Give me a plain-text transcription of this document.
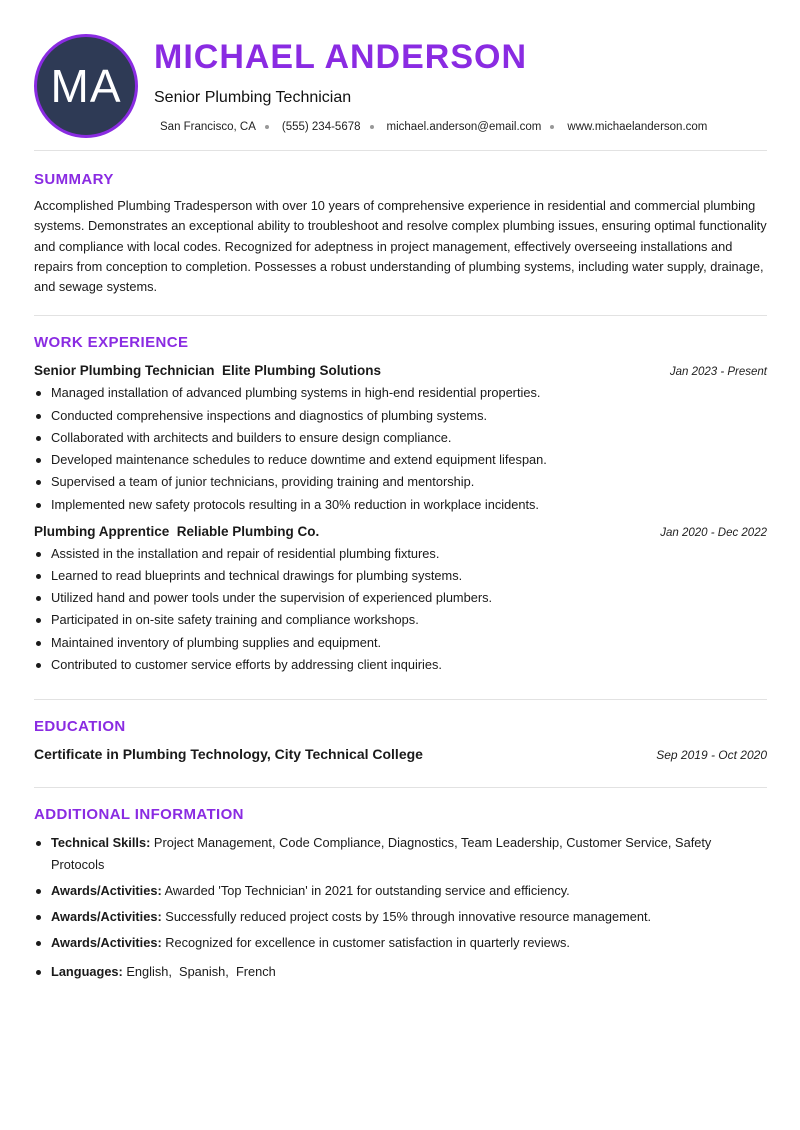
MA
MICHAEL ANDERSON
Senior Plumbing Technician
San Francisco, CA (555) 234-5678 michael.anderson@email.com www.michaelanderson.com
SUMMARY

Accomplished Plumbing Tradesperson with over 10 years of comprehensive experience in residential and commercial plumbing systems. Demonstrates an exceptional ability to troubleshoot and resolve complex plumbing issues, ensuring optimal functionality and compliance with local codes. Recognized for adeptness in project management, effectively overseeing installations and repairs from conception to completion. Possesses a robust understanding of plumbing systems, including water supply, drainage, and sewage systems.

WORK EXPERIENCE
Senior Plumbing Technician  Elite Plumbing Solutions	Jan 2023 - Present
Managed installation of advanced plumbing systems in high-end residential properties.
Conducted comprehensive inspections and diagnostics of plumbing systems.
Collaborated with architects and builders to ensure design compliance.
Developed maintenance schedules to reduce downtime and extend equipment lifespan.
Supervised a team of junior technicians, providing training and mentorship.
Implemented new safety protocols resulting in a 30% reduction in workplace incidents.
Plumbing Apprentice  Reliable Plumbing Co.	Jan 2020 - Dec 2022
Assisted in the installation and repair of residential plumbing fixtures.
Learned to read blueprints and technical drawings for plumbing systems.
Utilized hand and power tools under the supervision of experienced plumbers.
Participated in on-site safety training and compliance workshops.
Maintained inventory of plumbing supplies and equipment.
Contributed to customer service efforts by addressing client inquiries.
EDUCATION
Certificate in Plumbing Technology, City Technical College	Sep 2019 - Oct 2020
ADDITIONAL INFORMATION
Technical Skills: Project Management, Code Compliance, Diagnostics, Team Leadership, Customer Service, Safety Protocols
Awards/Activities: Awarded 'Top Technician' in 2021 for outstanding service and efficiency.
Awards/Activities: Successfully reduced project costs by 15% through innovative resource management.
Awards/Activities: Recognized for excellence in customer satisfaction in quarterly reviews.
Languages: English,  Spanish,  French
